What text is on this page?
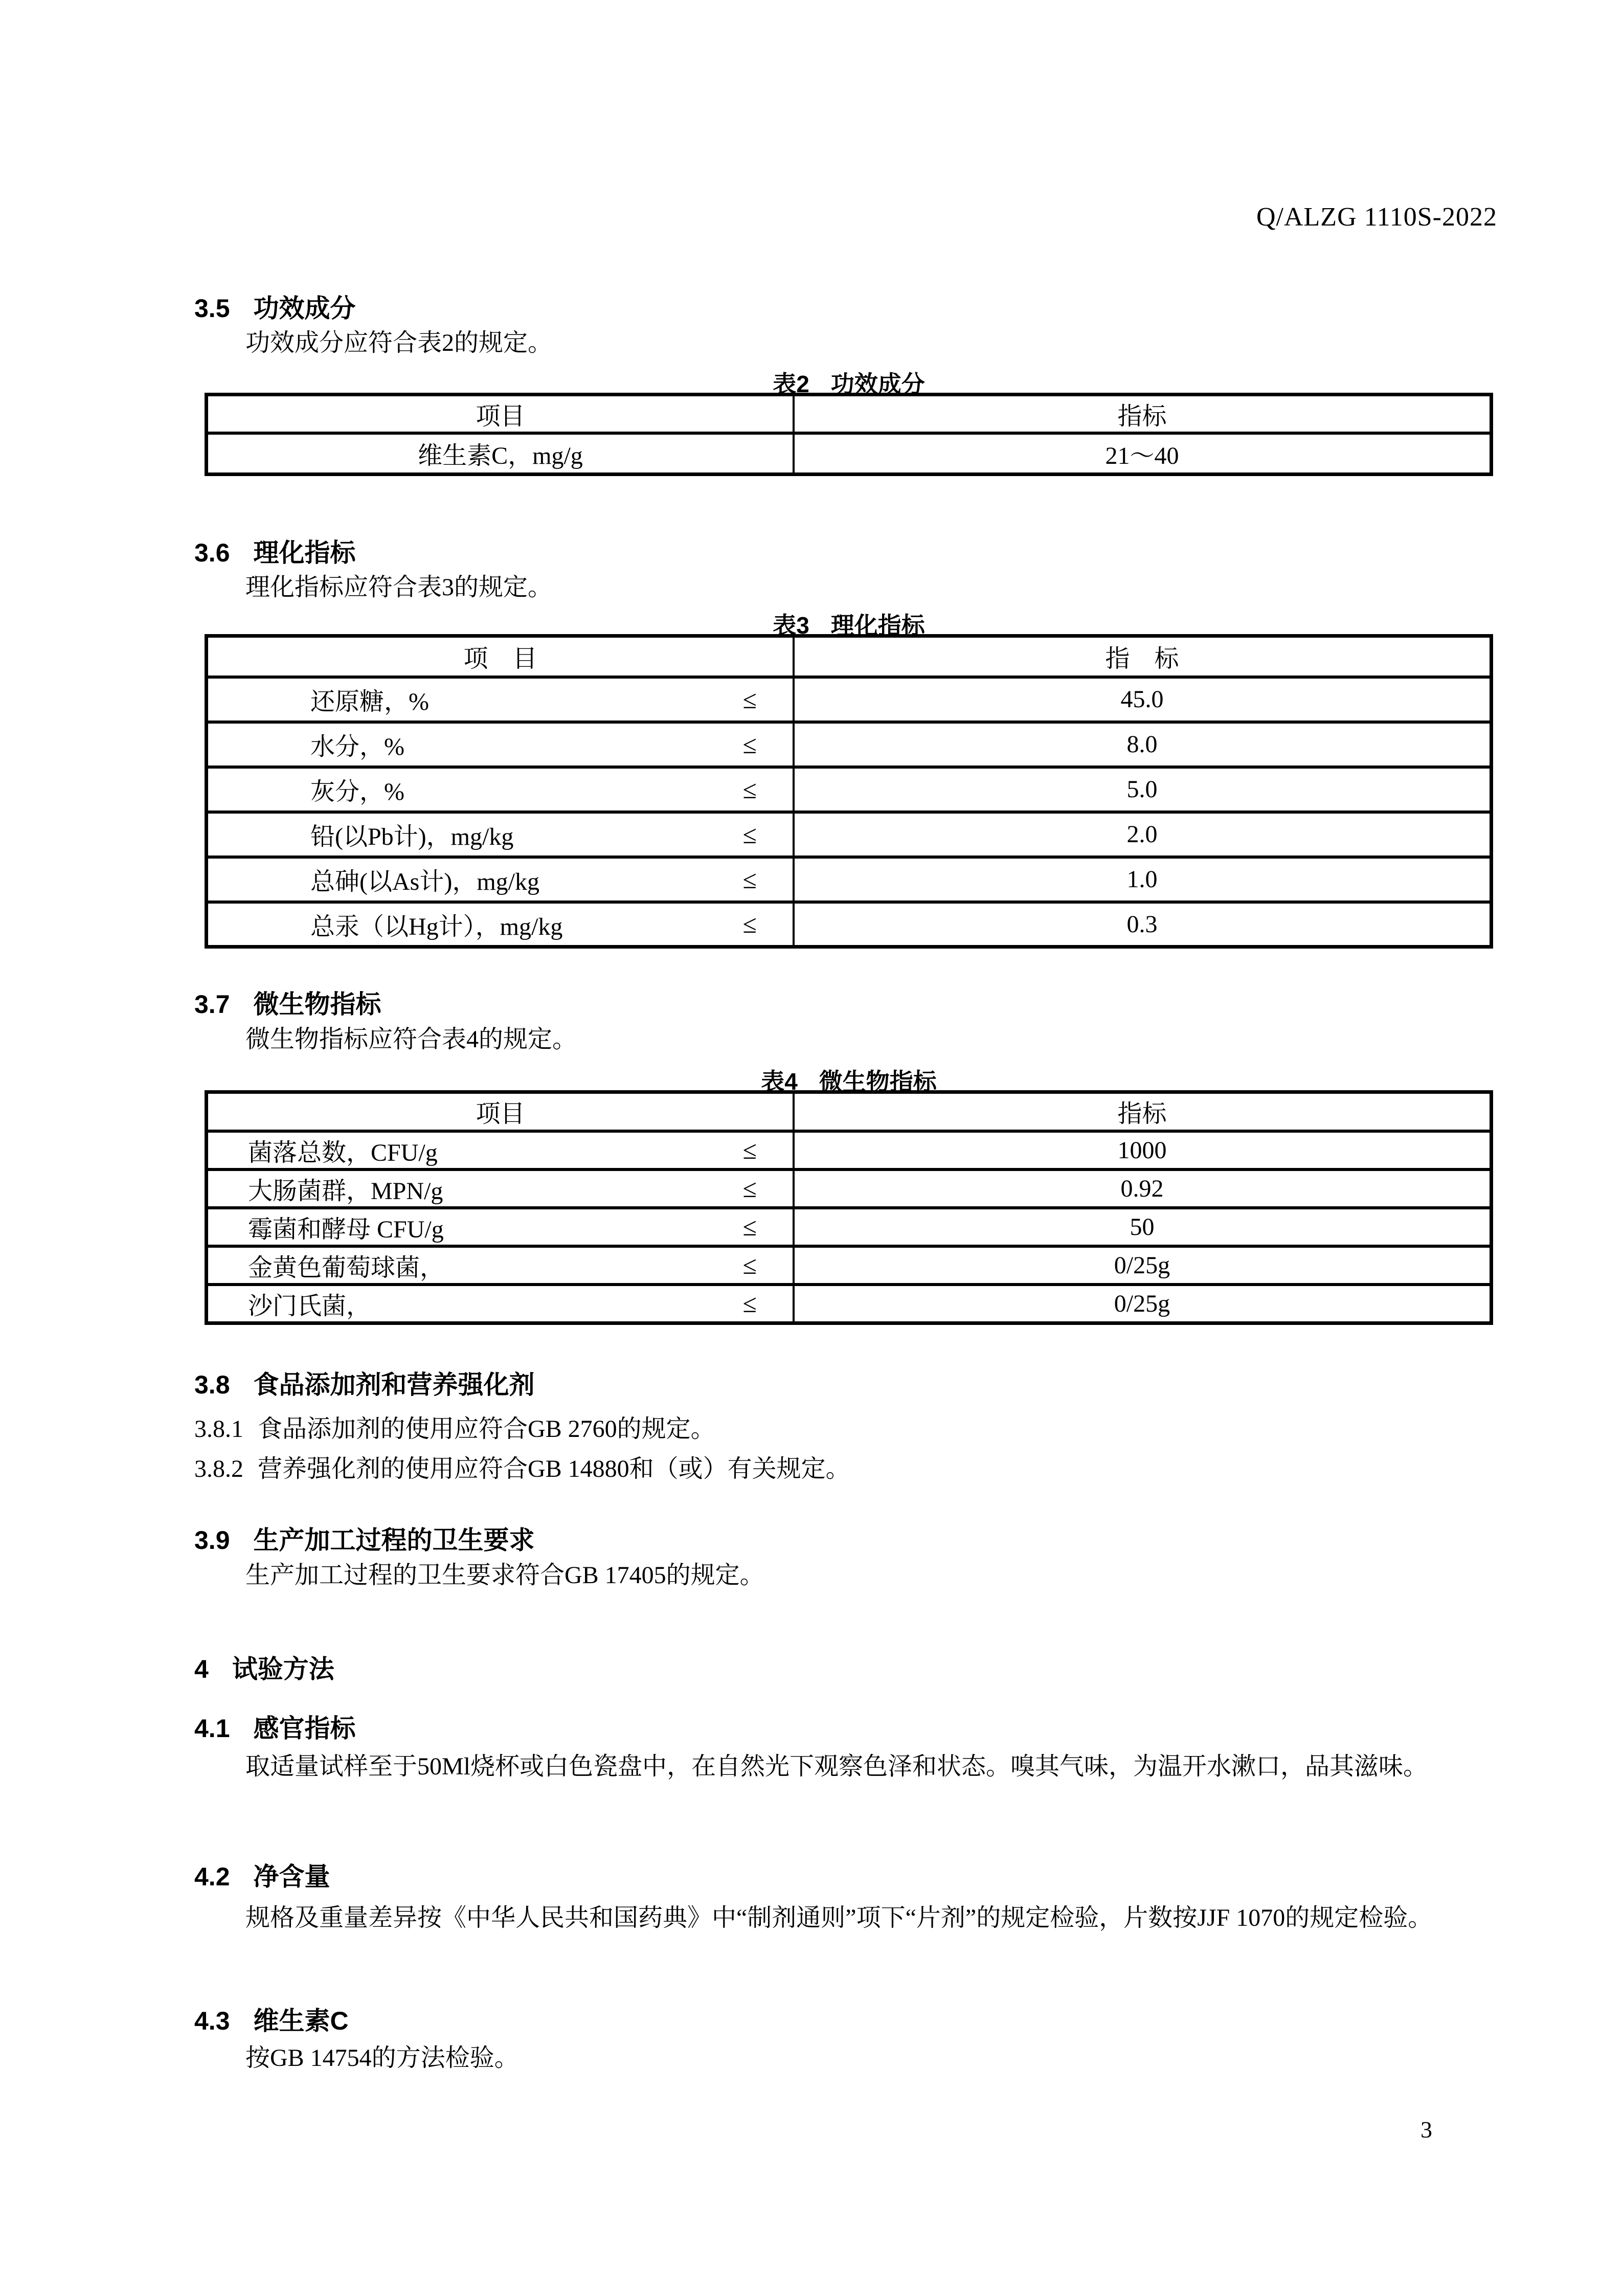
Q/ALZG 1110S-2022
3.5 功效成分
功效成分应符合表2的规定。
表2 功效成分
项目	指标
维生素C，mg/g	21～40
3.6 理化指标
理化指标应符合表3的规定。
表3 理化指标
项　目	指　标

还原糖，% ≤	45.0

水分，% ≤	8.0

灰分，% ≤	5.0

铅(以Pb计)，mg/kg ≤	2.0

总砷(以As计)，mg/kg ≤	1.0

总汞（以Hg计），mg/kg ≤	0.3
3.7 微生物指标
微生物指标应符合表4的规定。
表4 微生物指标
项目	指标

菌落总数，CFU/g ≤	1000

大肠菌群，MPN/g ≤	0.92

霉菌和酵母 CFU/g ≤	50

金黄色葡萄球菌， ≤	0/25g

沙门氏菌， ≤	0/25g
3.8 食品添加剂和营养强化剂
3.8.1 食品添加剂的使用应符合GB 2760的规定。
3.8.2 营养强化剂的使用应符合GB 14880和（或）有关规定。
3.9 生产加工过程的卫生要求
生产加工过程的卫生要求符合GB 17405的规定。
4 试验方法
4.1 感官指标
取适量试样至于50Ml烧杯或白色瓷盘中，在自然光下观察色泽和状态。嗅其气味，为温开水漱口，品其滋味。
4.2 净含量
规格及重量差异按《中华人民共和国药典》中“制剂通则”项下“片剂”的规定检验，片数按JJF 1070的规定检验。
4.3 维生素C
按GB 14754的方法检验。
3
